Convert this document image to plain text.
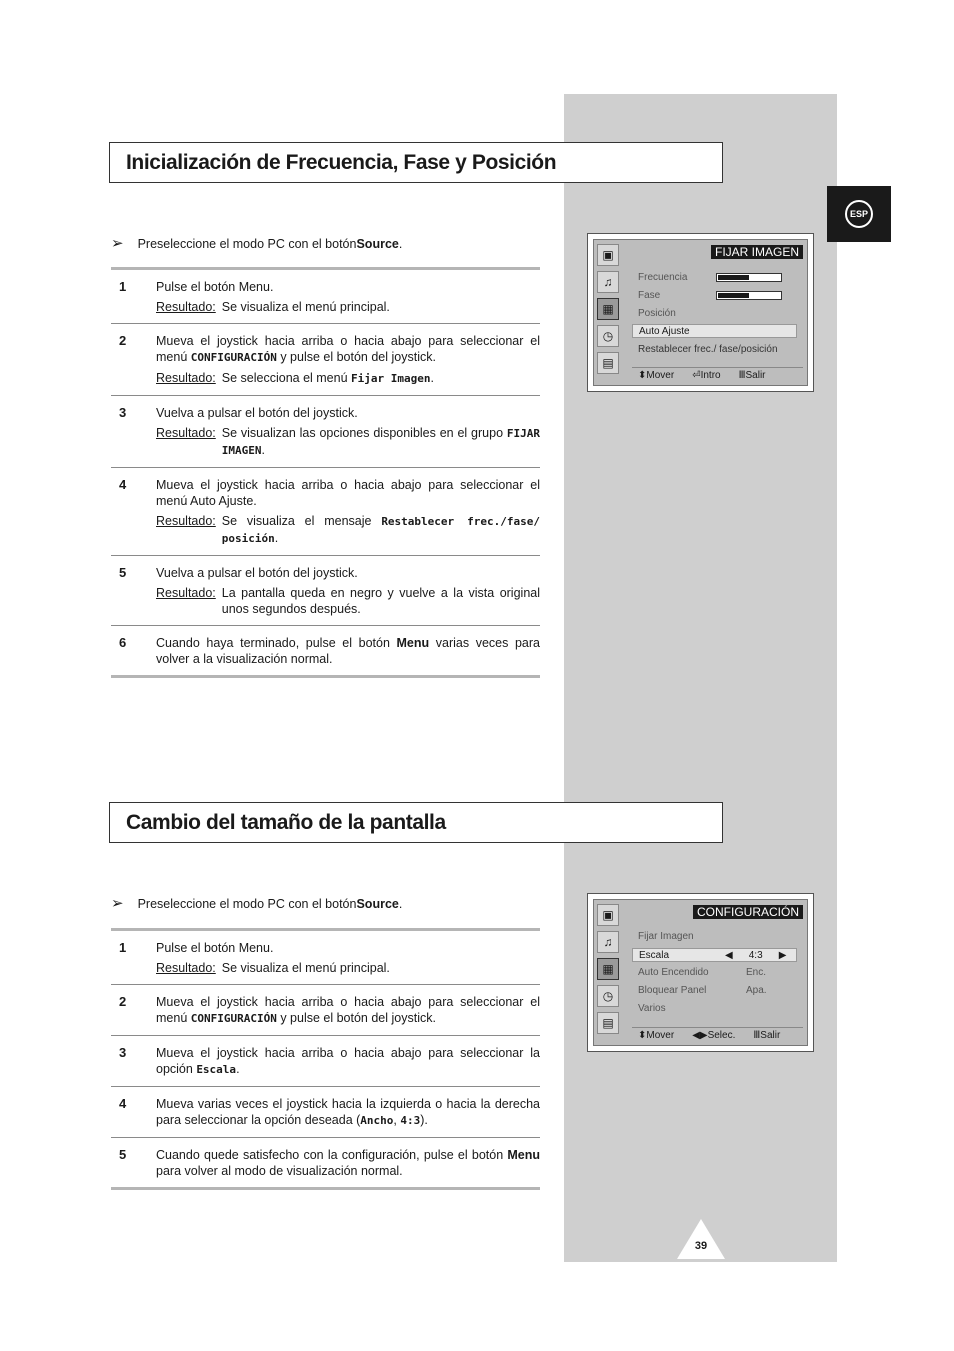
ESP
Inicialización de Frecuencia, Fase y Posición
➢ Preseleccione el modo PC con el botón Source .
1	Pulse el botón Menu.
Resultado: Se visualiza el menú principal.
2	Mueva el joystick hacia arriba o hacia abajo para seleccionar el menú CONFIGURACIÓN y pulse el botón del joystick.
Resultado: Se selecciona el menú Fijar Imagen.
3	Vuelva a pulsar el botón del joystick.
Resultado: Se visualizan las opciones disponibles en el grupo FIJAR IMAGEN.
4	Mueva el joystick hacia arriba o hacia abajo para seleccionar el menú Auto Ajuste.
Resultado: Se visualiza el mensaje Restablecer frec./fase/ posición.
5	Vuelva a pulsar el botón del joystick.
Resultado: La pantalla queda en negro y vuelve a la vista original unos segundos después.
6	Cuando haya terminado, pulse el botón Menu varias veces para volver a la visualización normal.
▣
♫
▦
◷
▤
FIJAR IMAGEN
Frecuencia
Fase
Posición
Auto Ajuste
Restablecer frec./ fase/posición
⬍Mover ⏎Intro ⅢSalir
Cambio del tamaño de la pantalla
➢ Preseleccione el modo PC con el botón Source .
1	Pulse el botón Menu.
Resultado: Se visualiza el menú principal.
2	Mueva el joystick hacia arriba o hacia abajo para seleccionar el menú CONFIGURACIÓN y pulse el botón del joystick.
3	Mueva el joystick hacia arriba o hacia abajo para seleccionar la opción Escala.
4	Mueva varias veces el joystick hacia la izquierda o hacia la derecha para seleccionar la opción deseada (Ancho, 4:3).
5	Cuando quede satisfecho con la configuración, pulse el botón Menu para volver al modo de visualización normal.
▣
♫
▦
◷
▤
CONFIGURACIÓN
Fijar Imagen
Escala	◀	4:3	▶
Auto Encendido	Enc.
Bloquear Panel	Apa.
Varios
⬍Mover ◀▶Selec. ⅢSalir
39
